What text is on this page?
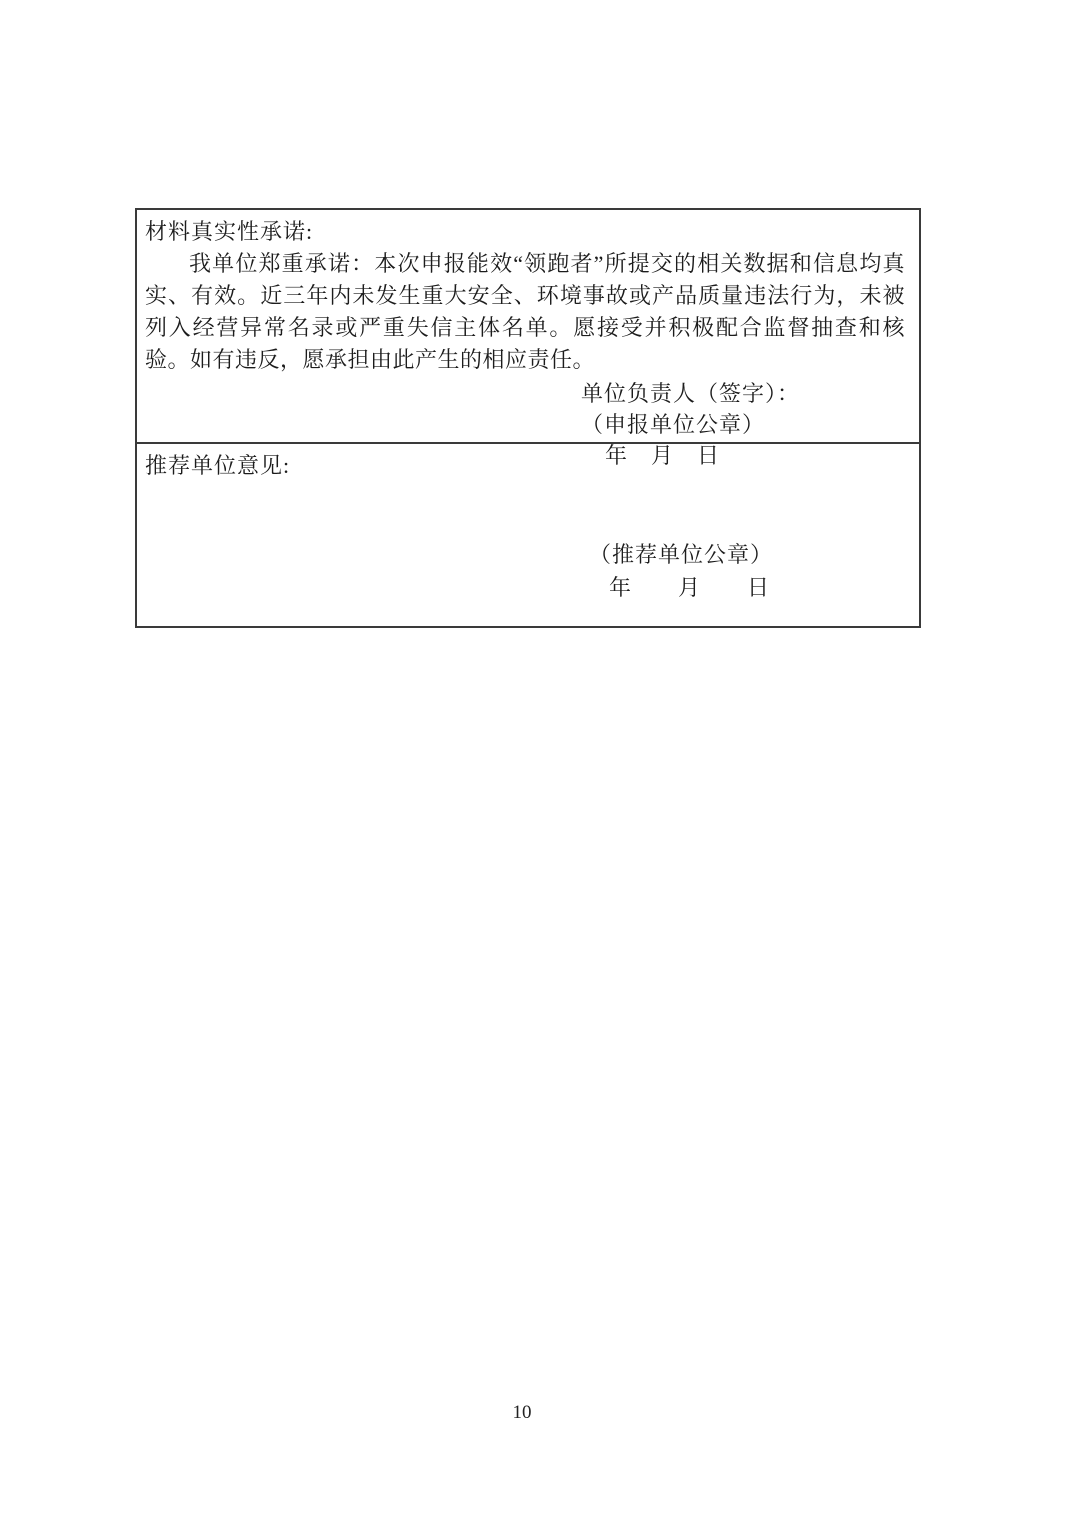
材料真实性承诺:
我单位郑重承诺：本次申报能效“领跑者”所提交的相关数据和信息均真实、有效。近三年内未发生重大安全、环境事故或产品质量违法行为，未被列入经营异常名录或严重失信主体名单。愿接受并积极配合监督抽查和核验。如有违反，愿承担由此产生的相应责任。
单位负责人（签字）：
（申报单位公章）
年　月　日
推荐单位意见:
（推荐单位公章）
年　　月　　日
10
